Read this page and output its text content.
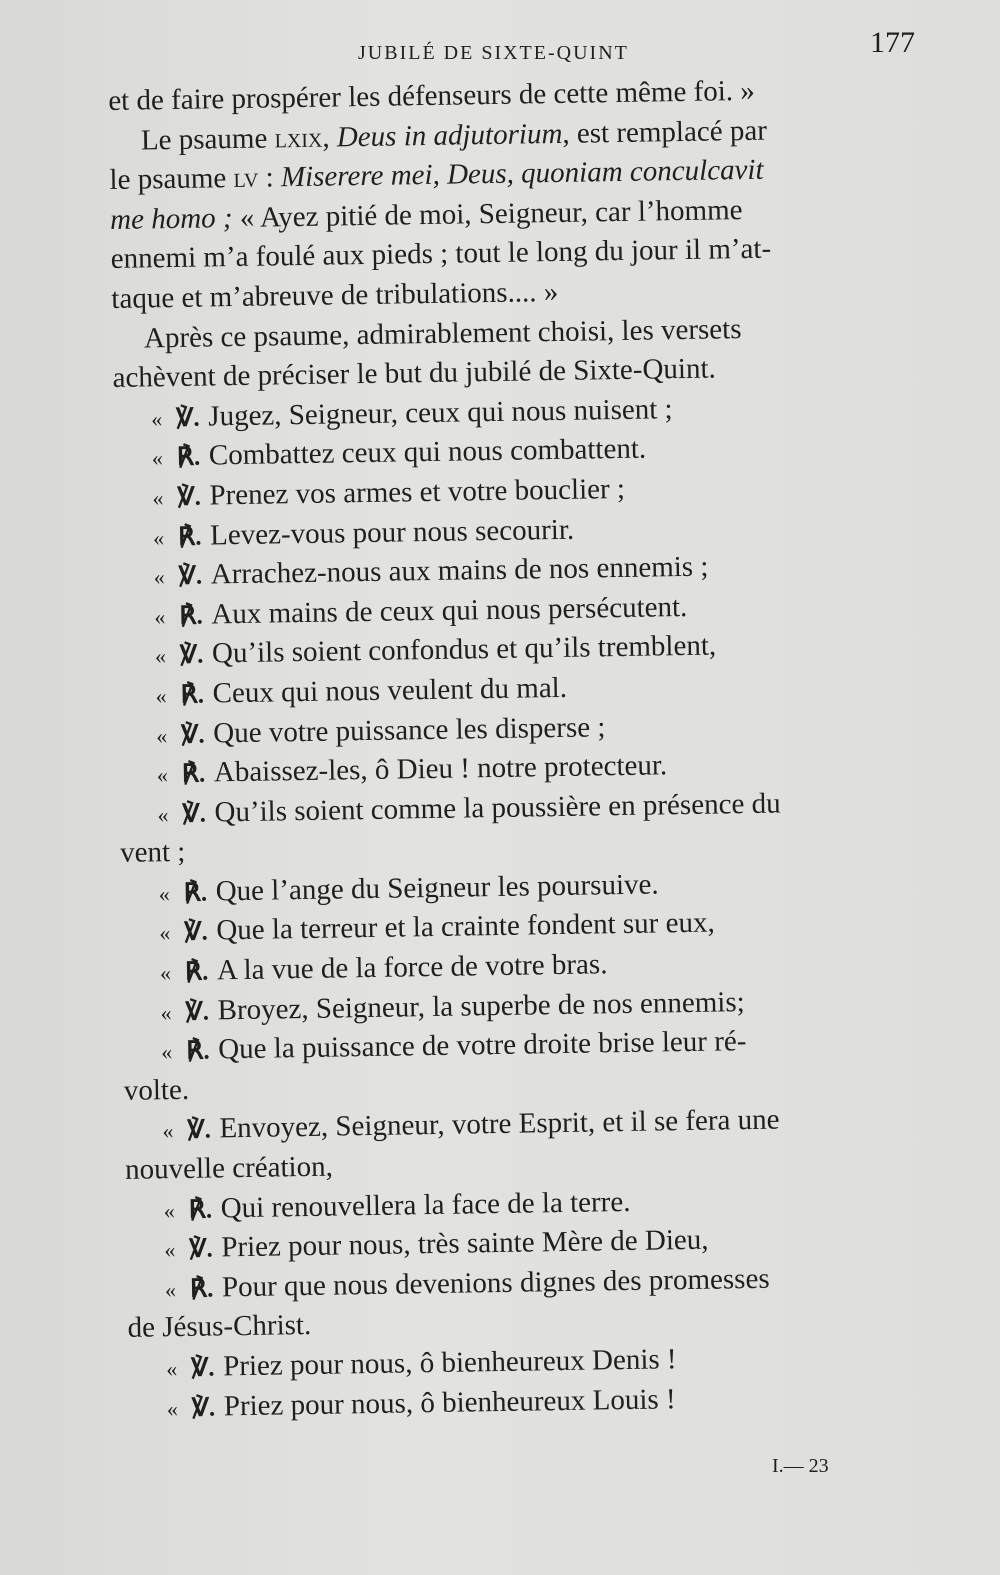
JUBILÉ DE SIXTE-QUINT	177
et de faire prospérer les défenseurs de cette même foi. »
Le psaume lxix, Deus in adjutorium, est remplacé par
le psaume lv : Miserere mei, Deus, quoniam conculcavit
me homo ; « Ayez pitié de moi, Seigneur, car l’homme
ennemi m’a foulé aux pieds ; tout le long du jour il m’at-
taque et m’abreuve de tribulations.... »
Après ce psaume, admirablement choisi, les versets
achèvent de préciser le but du jubilé de Sixte-Quint.
« ℣. Jugez, Seigneur, ceux qui nous nuisent ;
« ℟. Combattez ceux qui nous combattent.
« ℣. Prenez vos armes et votre bouclier ;
« ℟. Levez-vous pour nous secourir.
« ℣. Arrachez-nous aux mains de nos ennemis ;
« ℟. Aux mains de ceux qui nous persécutent.
« ℣. Qu’ils soient confondus et qu’ils tremblent,
« ℟. Ceux qui nous veulent du mal.
« ℣. Que votre puissance les disperse ;
« ℟. Abaissez-les, ô Dieu ! notre protecteur.
« ℣. Qu’ils soient comme la poussière en présence du
vent ;
« ℟. Que l’ange du Seigneur les poursuive.
« ℣. Que la terreur et la crainte fondent sur eux,
« ℟. A la vue de la force de votre bras.
« ℣. Broyez, Seigneur, la superbe de nos ennemis;
« ℟. Que la puissance de votre droite brise leur ré-
volte.
« ℣. Envoyez, Seigneur, votre Esprit, et il se fera une
nouvelle création,
« ℟. Qui renouvellera la face de la terre.
« ℣. Priez pour nous, très sainte Mère de Dieu,
« ℟. Pour que nous devenions dignes des promesses
de Jésus-Christ.
« ℣. Priez pour nous, ô bienheureux Denis !
« ℣. Priez pour nous, ô bienheureux Louis !
I.— 23
